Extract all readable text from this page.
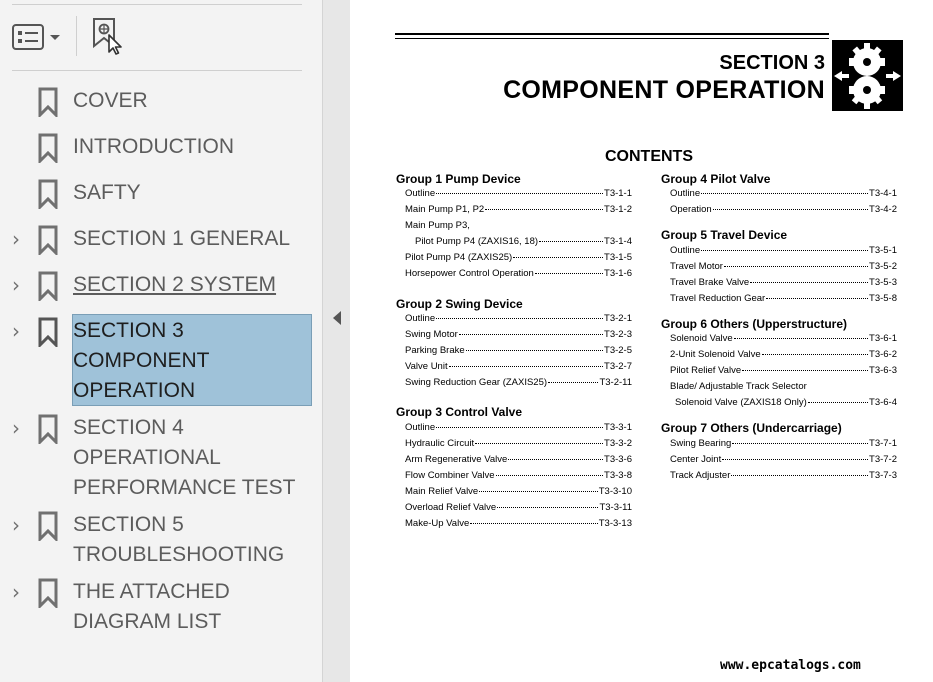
COVER
INTRODUCTION
SAFTY
›	SECTION 1 GENERAL
›	SECTION 2 SYSTEM
›	SECTION 3
COMPONENT
OPERATION
›	SECTION 4
OPERATIONAL
PERFORMANCE TEST
›	SECTION 5
TROUBLESHOOTING
›	THE ATTACHED
DIAGRAM LIST
SECTION 3
COMPONENT OPERATION
CONTENTS
Group 1 Pump Device
Outline	T3-1-1
Main Pump P1, P2	T3-1-2
Main Pump P3,
Pilot Pump P4 (ZAXIS16, 18)	T3-1-4
Pilot Pump P4 (ZAXIS25)	T3-1-5
Horsepower Control Operation	T3-1-6
Group 2 Swing Device
Outline	T3-2-1
Swing Motor	T3-2-3
Parking Brake	T3-2-5
Valve Unit	T3-2-7
Swing Reduction Gear (ZAXIS25)	T3-2-11
Group 3 Control Valve
Outline	T3-3-1
Hydraulic Circuit	T3-3-2
Arm Regenerative Valve	T3-3-6
Flow Combiner Valve	T3-3-8
Main Relief Valve	T3-3-10
Overload Relief Valve	T3-3-11
Make-Up Valve	T3-3-13
Group 4 Pilot Valve
Outline	T3-4-1
Operation	T3-4-2
Group 5 Travel Device
Outline	T3-5-1
Travel Motor	T3-5-2
Travel Brake Valve	T3-5-3
Travel Reduction Gear	T3-5-8
Group 6 Others (Upperstructure)
Solenoid Valve	T3-6-1
2-Unit Solenoid Valve	T3-6-2
Pilot Relief Valve	T3-6-3
Blade/ Adjustable Track Selector
Solenoid Valve (ZAXIS18 Only)	T3-6-4
Group 7 Others (Undercarriage)
Swing Bearing	T3-7-1
Center Joint	T3-7-2
Track Adjuster	T3-7-3
www.epcatalogs.com
